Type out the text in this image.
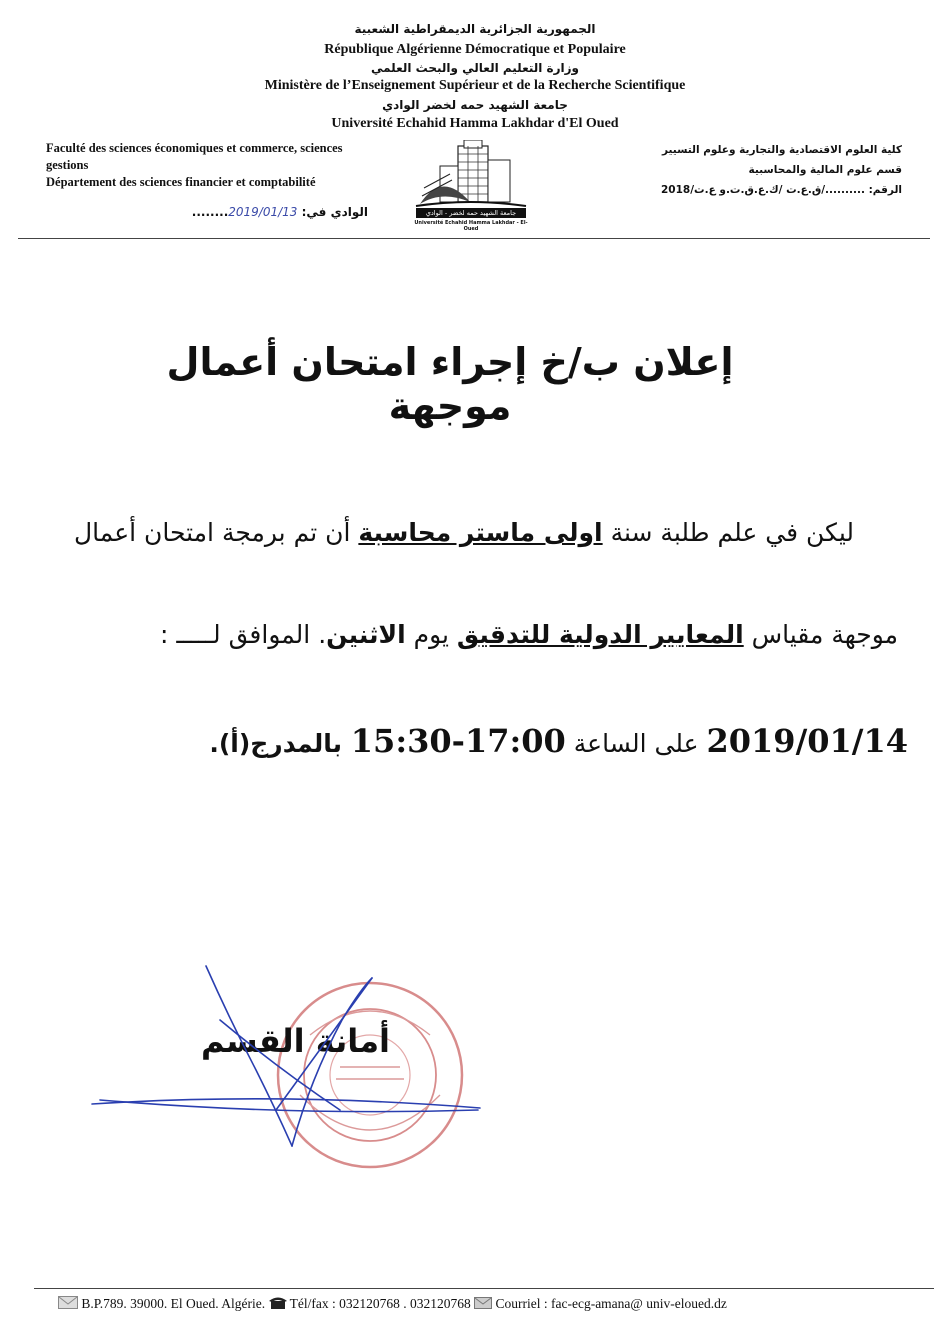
الجمهورية الجزائرية الديمقراطية الشعبية
République Algérienne Démocratique et Populaire
وزارة التعليم العالي والبحث العلمي
Ministère de l’Enseignement Supérieur et de la Recherche Scientifique
جامعة الشهيد حمه لخضر الوادي
Université Echahid Hamma Lakhdar d'El Oued
Faculté des sciences économiques et commerce, sciences
gestions
Département des sciences financier et comptabilité
كلية العلوم الاقتصادية والتجارية وعلوم التسيير
قسم علوم المالية والمحاسبية
الرقم: ........../ق.ع.ت /ك.ع.ق.ت.و ع.ت/2018
جامعة الشهيد حمه لخضر - الوادي
Université Echahid Hamma Lakhdar - El-Oued
الوادي في: 2019/01/13........
إعلان ب/خ إجراء امتحان أعمال موجهة
ليكن في علم طلبة سنة اولى ماستر محاسبة أن تم برمجة امتحان أعمال
موجهة مقياس المعايير الدولية للتدقيق يوم الاثنين. الموافق لـــــ :
2019/01/14 على الساعة 15:30-17:00 بالمدرج(أ).
أمانة القسم
B.P.789. 39000. El Oued. Algérie. Tél/fax : 032120768 . 032120768 Courriel : fac-ecg-amana@ univ-eloued.dz
